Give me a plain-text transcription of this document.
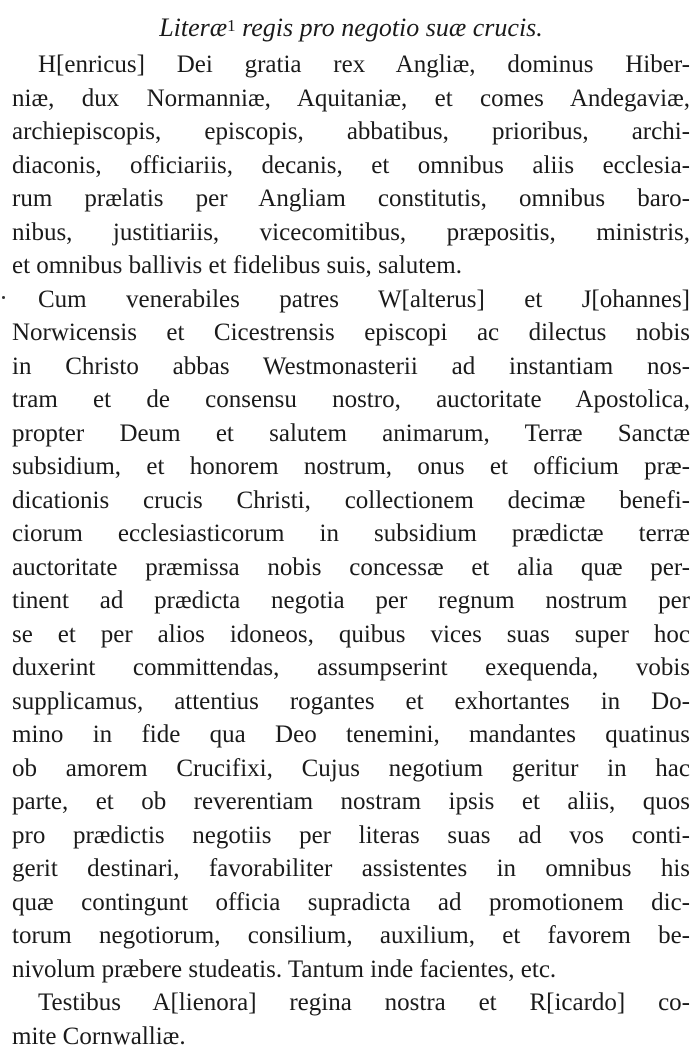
Literæ$^1$ regis pro negotio suæ crucis.
H[enricus] Dei gratia rex Angliæ, dominus Hiber-
niæ, dux Normanniæ, Aquitaniæ, et comes Andegaviæ,
archiepiscopis, episcopis, abbatibus, prioribus, archi-
diaconis, officiariis, decanis, et omnibus aliis ecclesia-
rum prælatis per Angliam constitutis, omnibus baro-
nibus, justitiariis, vicecomitibus, præpositis, ministris,
et omnibus ballivis et fidelibus suis, salutem.
Cum venerabiles patres W[alterus] et J[ohannes]
Norwicensis et Cicestrensis episcopi ac dilectus nobis
in Christo abbas Westmonasterii ad instantiam nos-
tram et de consensu nostro, auctoritate Apostolica,
propter Deum et salutem animarum, Terræ Sanctæ
subsidium, et honorem nostrum, onus et officium præ-
dicationis crucis Christi, collectionem decimæ benefi-
ciorum ecclesiasticorum in subsidium prædictæ terræ
auctoritate præmissa nobis concessæ et alia quæ per-
tinent ad prædicta negotia per regnum nostrum per
se et per alios idoneos, quibus vices suas super hoc
duxerint committendas, assumpserint exequenda, vobis
supplicamus, attentius rogantes et exhortantes in Do-
mino in fide qua Deo tenemini, mandantes quatinus
ob amorem Crucifixi, Cujus negotium geritur in hac
parte, et ob reverentiam nostram ipsis et aliis, quos
pro prædictis negotiis per literas suas ad vos conti-
gerit destinari, favorabiliter assistentes in omnibus his
quæ contingunt officia supradicta ad promotionem dic-
torum negotiorum, consilium, auxilium, et favorem be-
nivolum præbere studeatis. Tantum inde facientes, etc.
Testibus A[lienora] regina nostra et R[icardo] co-
mite Cornwalliæ.
